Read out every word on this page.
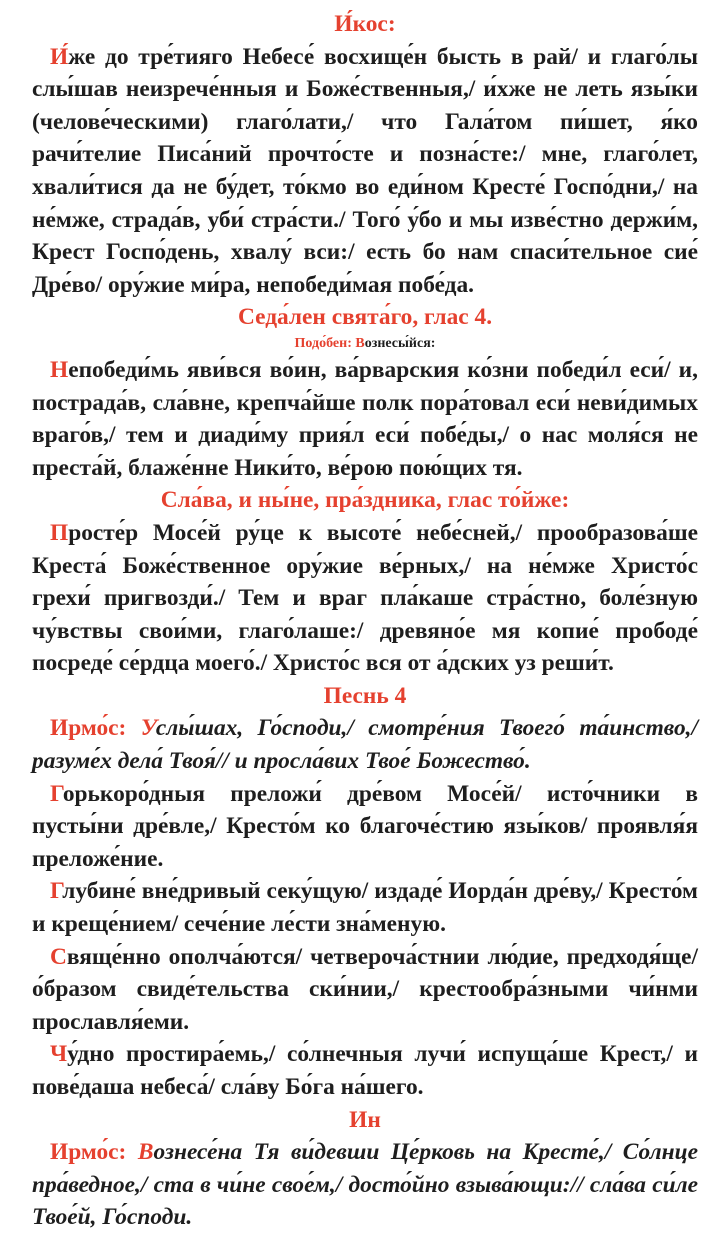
И́кос:

И́же до тре́тияго Небесе́ восхище́н бысть в рай/ и глаго́лы слы́шав неизрече́нныя и Боже́ственныя,/ и́хже не леть язы́ки (челове́ческими) глаго́лати,/ что Гала́том пи́шет, я́ко рачи́телие Писа́ний прочто́сте и позна́сте:/ мне, глаго́лет, хвали́тися да не бу́дет, то́кмо во еди́ном Кресте́ Госпо́дни,/ на не́мже, страда́в, уби́ стра́сти./ Того́ у́бо и мы изве́стно держи́м, Крест Госпо́день, хвалу́ вси:/ есть бо нам спаси́тельное сие́ Дре́во/ ору́жие ми́ра, непобеди́мая побе́да.

Седа́лен свята́го, глас 4.

Подо́бен: Вознесы́йся:

Непобеди́мь яви́вся во́ин, ва́рварския ко́зни победи́л еси́/ и, пострада́в, сла́вне, крепча́йше полк пора́товал еси́ неви́димых враго́в,/ тем и диади́му прия́л еси́ побе́ды,/ о нас моля́ся не преста́й, блаже́нне Ники́то, ве́рою пою́щих тя.

Сла́ва, и ны́не, пра́здника, глас то́йже:

Просте́р Мосе́й ру́це к высоте́ небе́сней,/ прообразова́ше Креста́ Боже́ственное ору́жие ве́рных,/ на не́мже Христо́с грехи́ пригвозди́./ Тем и враг пла́каше стра́стно, боле́зную чу́вствы свои́ми, глаго́лаше:/ древяно́е мя копие́ прободе́ посреде́ се́рдца моего́./ Христо́с вся от а́дских уз реши́т.

Песнь 4

Ирмо́с: Услы́шах, Го́споди,/ смотре́ния Твоего́ та́инство,/ разуме́х дела́ Твоя́// и просла́вих Твое́ Божество́.

Горькоро́дныя преложи́ дре́вом Мосе́й/ исто́чники в пусты́ни дре́вле,/ Кресто́м ко благоче́стию язы́ков/ проявля́я преложе́ние.

Глубине́ вне́дривый секу́щую/ издаде́ Иорда́н дре́ву,/ Кресто́м и креще́нием/ сече́ние ле́сти зна́меную.

Свяще́нно ополча́ются/ четвероча́стнии лю́дие, предходя́ще/ о́бразом свиде́тельства ски́нии,/ крестообра́зными чи́нми прославля́еми.

Чу́дно простира́емь,/ со́лнечныя лучи́ испуща́ше Крест,/ и пове́даша небеса́/ сла́ву Бо́га на́шего.

Ин

Ирмо́с: Вознесе́на Тя ви́девши Це́рковь на Кресте́,/ Со́лнце пра́ведное,/ ста в чи́не свое́м,/ досто́йно взыва́ющи:// сла́ва си́ле Твое́й, Го́споди.
